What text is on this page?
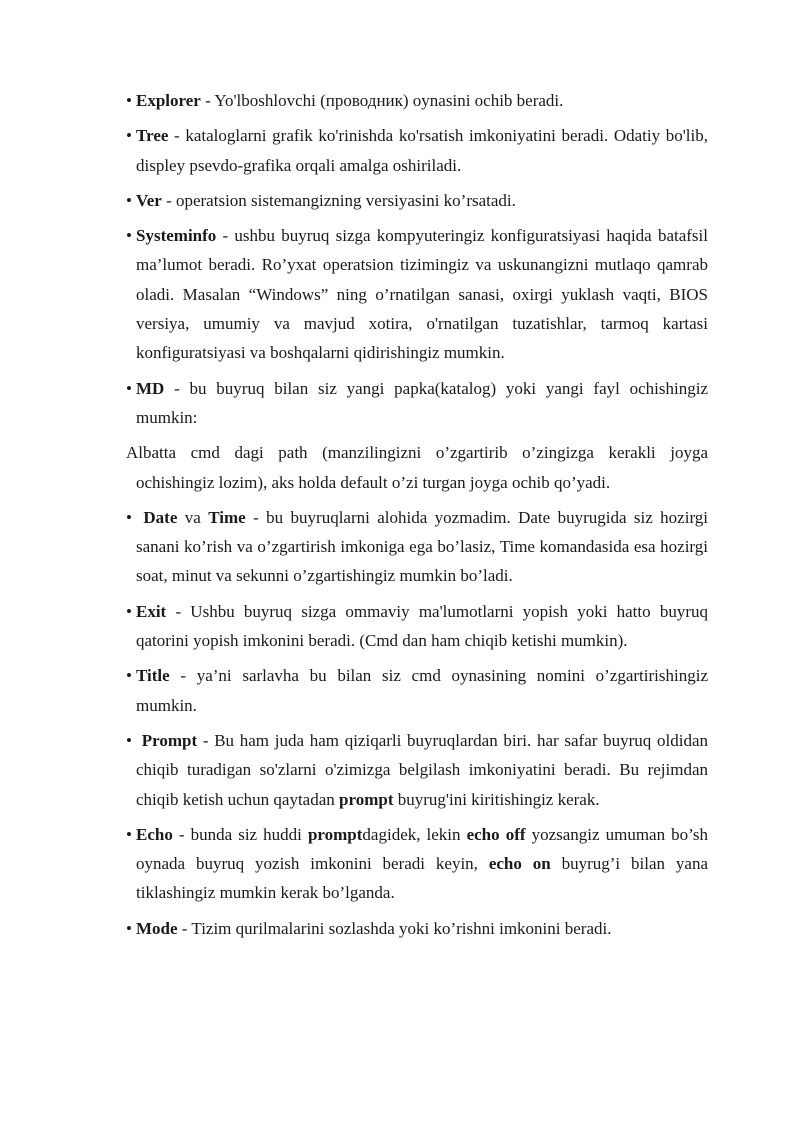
• Explorer - Yo'lboshlovchi (проводник) oynasini ochib beradi.

• Tree - kataloglarni grafik ko'rinishda ko'rsatish imkoniyatini beradi. Odatiy bo'lib, displey psevdo-grafika orqali amalga oshiriladi.

• Ver - operatsion sistemangizning versiyasini ko’rsatadi.

• Systeminfo - ushbu buyruq sizga kompyuteringiz konfiguratsiyasi haqida batafsil ma’lumot beradi. Ro’yxat operatsion tizimingiz va uskunangizni mutlaqo qamrab oladi. Masalan “Windows” ning o’rnatilgan sanasi, oxirgi yuklash vaqti, BIOS versiya, umumiy va mavjud xotira, o'rnatilgan tuzatishlar, tarmoq kartasi konfiguratsiyasi va boshqalarni qidirishingiz mumkin.

• MD - bu buyruq bilan siz yangi papka(katalog) yoki yangi fayl ochishingiz mumkin:

Albatta cmd dagi path (manzilingizni o’zgartirib o’zingizga kerakli joyga ochishingiz lozim), aks holda default o’zi turgan joyga ochib qo’yadi.

• Date va Time - bu buyruqlarni alohida yozmadim. Date buyrugida siz hozirgi sanani ko’rish va o’zgartirish imkoniga ega bo’lasiz, Time komandasida esa hozirgi soat, minut va sekunni o’zgartishingiz mumkin bo’ladi.

• Exit - Ushbu buyruq sizga ommaviy ma'lumotlarni yopish yoki hatto buyruq qatorini yopish imkonini beradi. (Cmd dan ham chiqib ketishi mumkin).

• Title - ya’ni sarlavha bu bilan siz cmd oynasining nomini o’zgartirishingiz mumkin.

• Prompt - Bu ham juda ham qiziqarli buyruqlardan biri. har safar buyruq oldidan chiqib turadigan so'zlarni o'zimizga belgilash imkoniyatini beradi. Bu rejimdan chiqib ketish uchun qaytadan prompt buyrug'ini kiritishingiz kerak.

• Echo - bunda siz huddi promptdagidek, lekin echo off yozsangiz umuman bo’sh oynada buyruq yozish imkonini beradi keyin, echo on buyrug’i bilan yana tiklashingiz mumkin kerak bo’lganda.

• Mode - Tizim qurilmalarini sozlashda yoki ko’rishni imkonini beradi.
